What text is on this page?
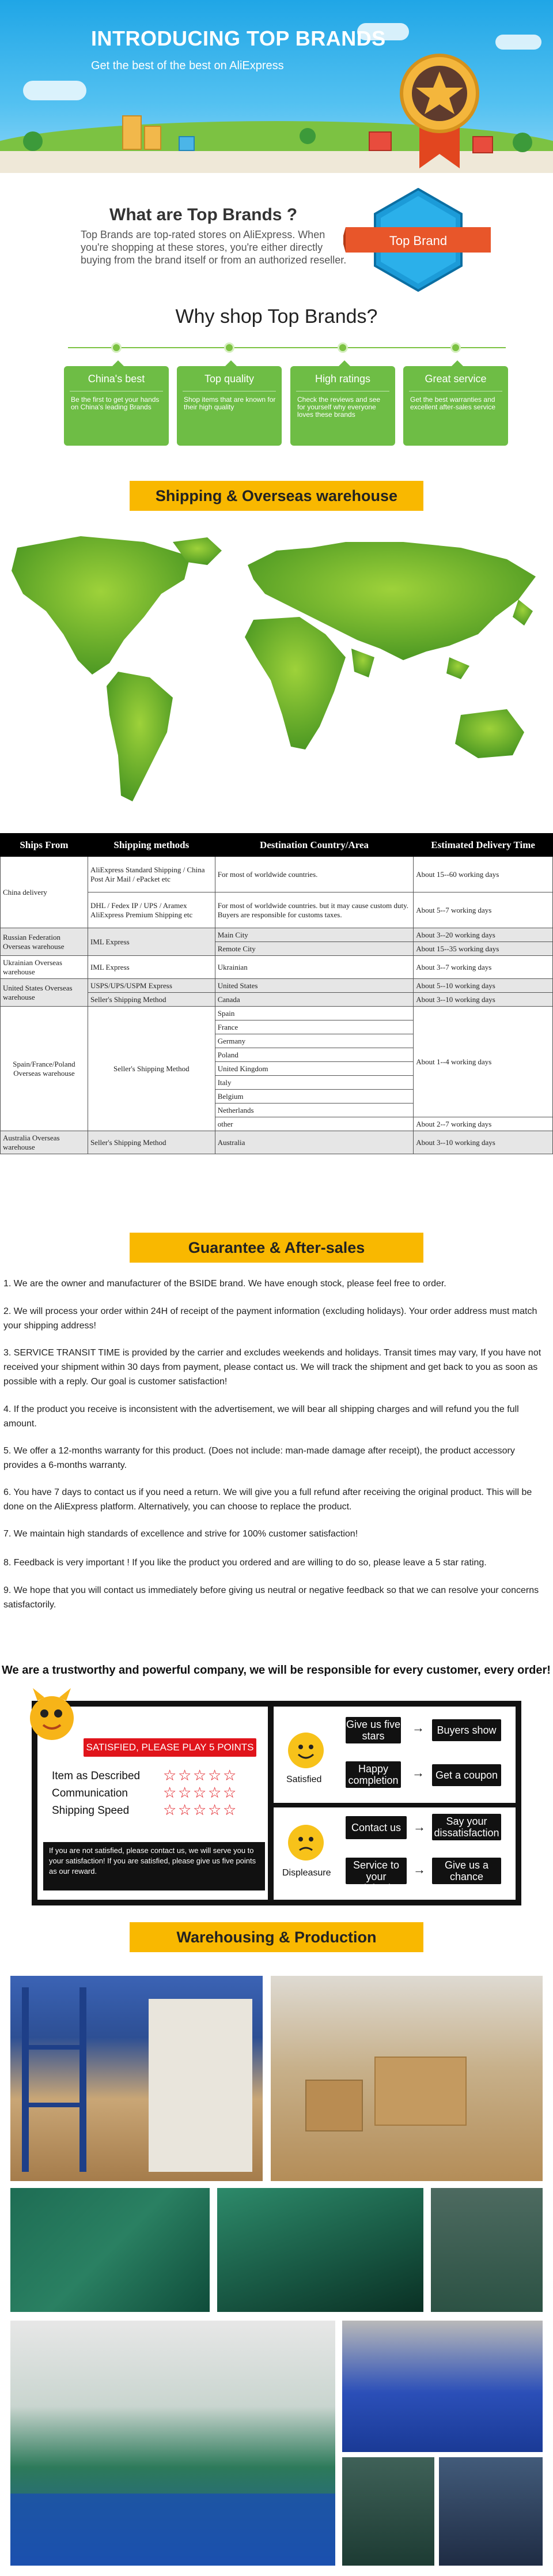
INTRODUCING TOP BRANDS
Get the best of the best on AliExpress
What are Top Brands ?
Top Brands are top-rated stores on AliExpress. When you're shopping at these stores, you're either directly buying from the brand itself or from an authorized reseller.
Top Brand
Why shop Top Brands?
China's best
Be the first to get your hands on China's leading Brands
Top quality
Shop items that are known for their high quality
High ratings
Check the reviews and see for yourself why everyone loves these brands
Great service
Get the best warranties and excellent after-sales service
Shipping & Overseas warehouse
Ships From	Shipping methods	Destination Country/Area	Estimated Delivery Time
China delivery	AliExpress Standard Shipping / China Post Air Mail / ePacket etc	For most of worldwide countries.	About 15--60 working days
	DHL / Fedex IP / UPS / Aramex AliExpress Premium Shipping etc	For most of worldwide countries. but it may cause custom duty. Buyers are responsible for customs taxes.	About 5--7 working days
Russian Federation Overseas warehouse	IML Express	Main City	About 3--20 working days
		Remote City	About 15--35 working days
Ukrainian Overseas warehouse	IML Express	Ukrainian	About 3--7 working days
United States Overseas warehouse	USPS/UPS/USPM Express	United States	About 5--10 working days
	Seller's Shipping Method	Canada	About 3--10 working days
Spain/France/Poland Overseas warehouse	Seller's Shipping Method	Spain	About 1--4 working days
		France	
		Germany	
		Poland	
		United Kingdom	
		Italy	
		Belgium	
		Netherlands	
		other	About 2--7 working days
Australia Overseas warehouse	Seller's Shipping Method	Australia	About 3--10 working days
Guarantee & After-sales
1. We are the owner and manufacturer of the BSIDE brand. We have enough stock, please feel free to order.
2. We will process your order within 24H of receipt of the payment information (excluding holidays). Your order address must match your shipping address!
3. SERVICE TRANSIT TIME is provided by the carrier and excludes weekends and holidays. Transit times may vary, If you have not received your shipment within 30 days from payment, please contact us. We will track the shipment and get back to you as soon as possible with a reply. Our goal is customer satisfaction!
4. If the product you receive is inconsistent with the advertisement, we will bear all shipping charges and will refund you the full amount.
5. We offer a 12-months warranty for this product. (Does not include: man-made damage after receipt), the product accessory provides a 6-months warranty.
6. You have 7 days to contact us if you need a return. We will give you a full refund after receiving the original product. This will be done on the AliExpress platform. Alternatively, you can choose to replace the product.
7. We maintain high standards of excellence and strive for 100% customer satisfaction!
8. Feedback is very important ! If you like the product you ordered and are willing to do so, please leave a 5 star rating.
9. We hope that you will contact us immediately before giving us neutral or negative feedback so that we can resolve your concerns satisfactorily.
We are a trustworthy and powerful company, we will be responsible for every customer, every order!
SATISFIED, PLEASE PLAY 5 POINTS
Item as Described
Communication
Shipping Speed
☆ ☆ ☆ ☆ ☆
☆ ☆ ☆ ☆ ☆
☆ ☆ ☆ ☆ ☆
If you are not satisfied, please contact us, we will serve you to your satisfaction! If you are satisfied, please give us five points as our reward.
Satisfied
Give us five stars
→	Buyers show
Happy completion
→	Get a coupon
Displeasure
Contact us →	Say your dissatisfaction
Service to your satisfaction
→	Give us a chance
Warehousing & Production
